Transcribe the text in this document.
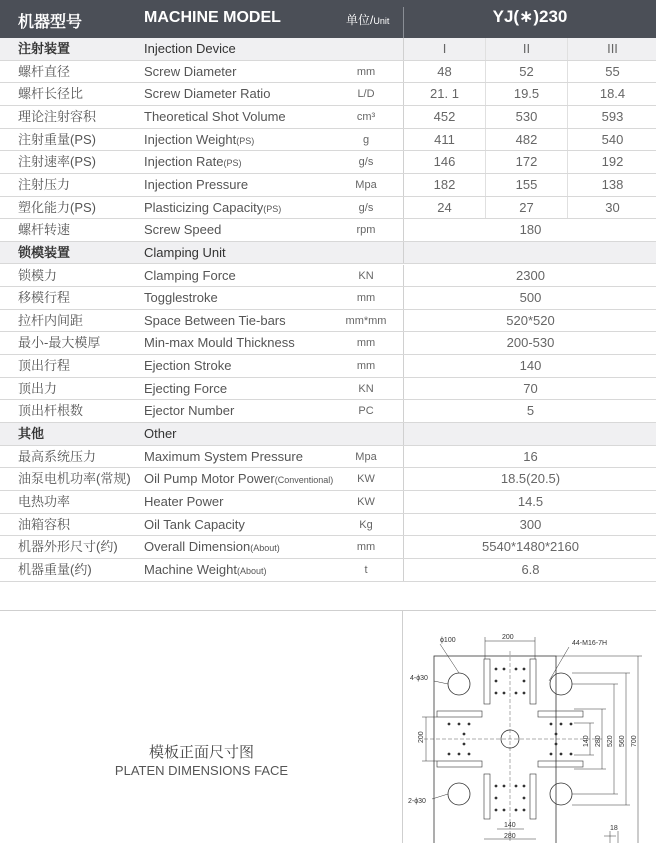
机器型号	MACHINE MODEL	单位/Unit	YJ(∗)230
注射装置	Injection Device	I	II	III
螺杆直径	Screw Diameter	mm	48	52	55
螺杆长径比	Screw Diameter Ratio	L/D	21. 1	19.5	18.4
理论注射容积	Theoretical Shot Volume	cm³	452	530	593
注射重量(PS)	Injection Weight(PS)	g	411	482	540
注射速率(PS)	Injection Rate(PS)	g/s	146	172	192
注射压力	Injection Pressure	Mpa	182	155	138
塑化能力(PS)	Plasticizing Capacity(PS)	g/s	24	27	30
螺杆转速	Screw Speed	rpm	180
锁模装置	Clamping Unit
锁模力	Clamping Force	KN	2300
移模行程	Togglestroke	mm	500
拉杆内间距	Space Between Tie-bars	mm*mm	520*520
最小-最大模厚	Min-max Mould Thickness	mm	200-530
顶出行程	Ejection Stroke	mm	140
顶出力	Ejecting Force	KN	70
顶出杆根数	Ejector Number	PC	5
其他	Other
最高系统压力	Maximum System Pressure	Mpa	16
油泵电机功率(常规) Oil Pump Motor Power(Conventional)	KW	18.5(20.5)
电热功率	Heater Power	KW	14.5
油箱容积	Oil Tank Capacity	Kg	300
机器外形尺寸(约) Overall Dimension(About)	mm	5540*1480*2160
机器重量(约)	Machine Weight(About)	t	6.8
模板正面尺寸图
PLATEN DIMENSIONS FACE
ϕ100	200
44-M16-7H
4-ϕ30
200	140 280 520 560 700
2-ϕ30
140
280
18
